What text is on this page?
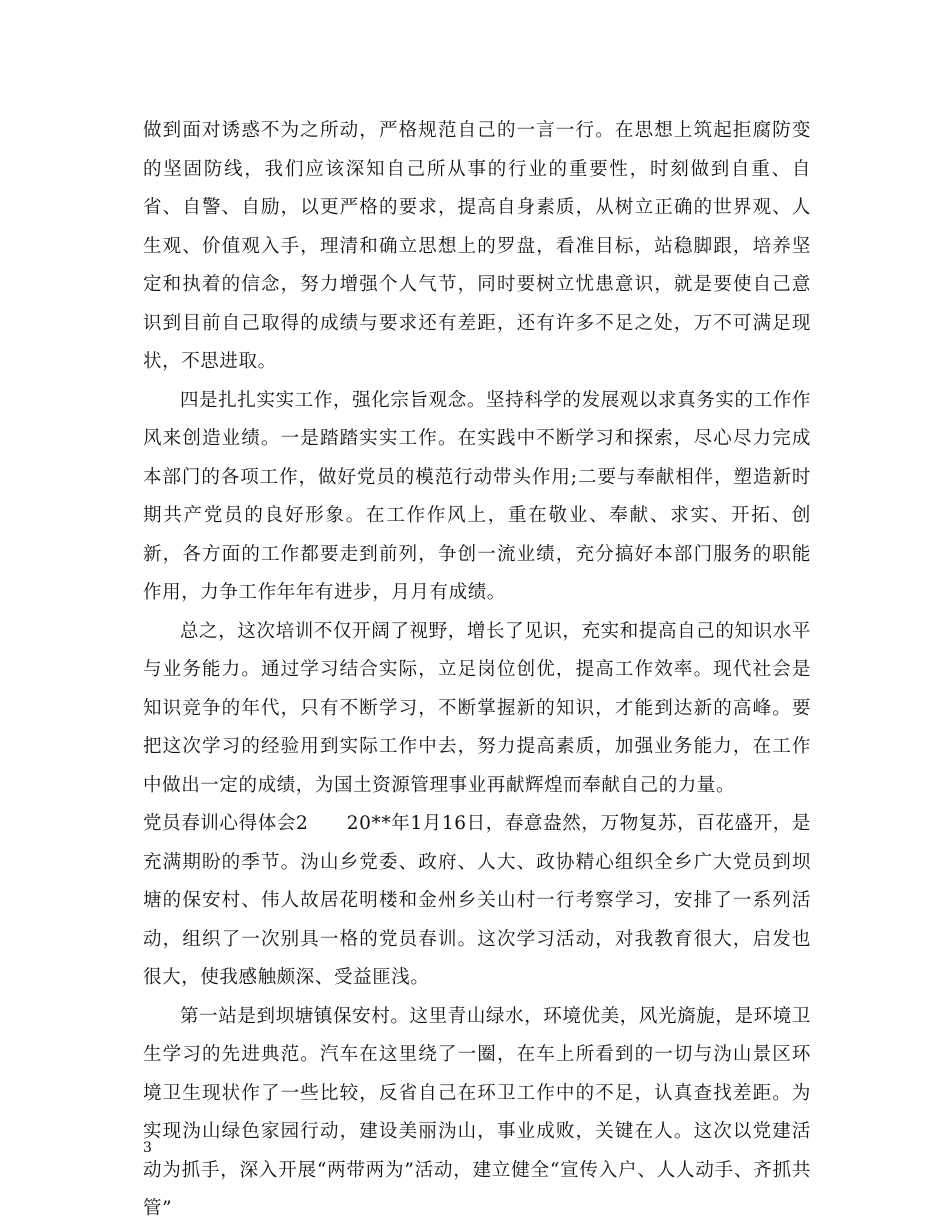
做到面对诱惑不为之所动，严格规范自己的一言一行。在思想上筑起拒腐防变的坚固防线，我们应该深知自己所从事的行业的重要性，时刻做到自重、自省、自警、自励，以更严格的要求，提高自身素质，从树立正确的世界观、人生观、价值观入手，理清和确立思想上的罗盘，看准目标，站稳脚跟，培养坚定和执着的信念，努力增强个人气节，同时要树立忧患意识，就是要使自己意识到目前自己取得的成绩与要求还有差距，还有许多不足之处，万不可满足现状，不思进取。

四是扎扎实实工作，强化宗旨观念。坚持科学的发展观以求真务实的工作作风来创造业绩。一是踏踏实实工作。在实践中不断学习和探索，尽心尽力完成本部门的各项工作，做好党员的模范行动带头作用;二要与奉献相伴，塑造新时期共产党员的良好形象。在工作作风上，重在敬业、奉献、求实、开拓、创新，各方面的工作都要走到前列，争创一流业绩，充分搞好本部门服务的职能作用，力争工作年年有进步，月月有成绩。

总之，这次培训不仅开阔了视野，增长了见识，充实和提高自己的知识水平与业务能力。通过学习结合实际，立足岗位创优，提高工作效率。现代社会是知识竞争的年代，只有不断学习，不断掌握新的知识，才能到达新的高峰。要把这次学习的经验用到实际工作中去，努力提高素质，加强业务能力，在工作中做出一定的成绩，为国土资源管理事业再献辉煌而奉献自己的力量。

党员春训心得体会2　　20**年1月16日，春意盎然，万物复苏，百花盛开，是充满期盼的季节。沩山乡党委、政府、人大、政协精心组织全乡广大党员到坝塘的保安村、伟人故居花明楼和金州乡关山村一行考察学习，安排了一系列活动，组织了一次别具一格的党员春训。这次学习活动，对我教育很大，启发也很大，使我感触颇深、受益匪浅。

第一站是到坝塘镇保安村。这里青山绿水，环境优美，风光旖旎，是环境卫生学习的先进典范。汽车在这里绕了一圈，在车上所看到的一切与沩山景区环境卫生现状作了一些比较，反省自己在环卫工作中的不足，认真查找差距。为实现沩山绿色家园行动，建设美丽沩山，事业成败，关键在人。这次以党建活动为抓手，深入开展“两带两为”活动，建立健全“宣传入户、人人动手、齐抓共管”

3
